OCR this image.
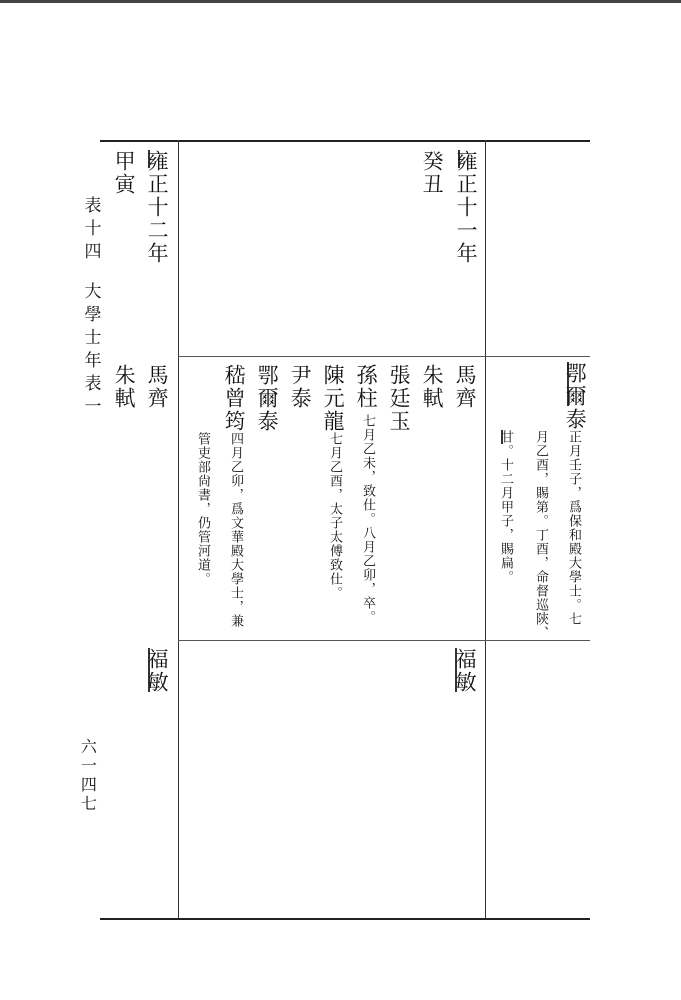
表十四
大學士年表一
雍正十一年
癸丑
鄂爾泰
正月壬子，爲保和殿大學士。七
月乙酉，賜第。丁酉，命督巡陝、
甘。十二月甲子，賜扁。
馬齊
朱軾
張廷玉
孫柱
七月乙未，致仕。八月乙卯，卒。
陳元龍
七月乙酉，太子太傅致仕。
尹泰
鄂爾泰
嵇曾筠
四月乙卯，爲文華殿大學士，兼
管吏部尙書，仍管河道。
福敏
雍正十二年
甲寅
馬齊
朱軾
福敏
六一四七
